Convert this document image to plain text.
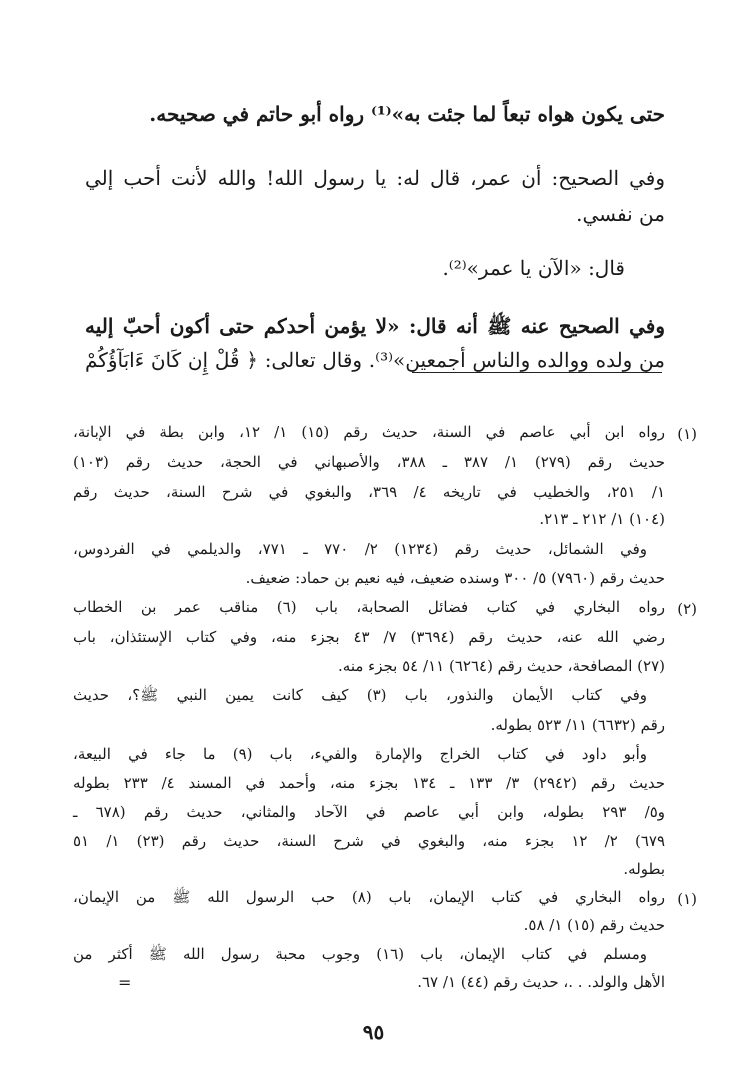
حتى يكون هواه تبعاً لما جئت به»⁽¹⁾ رواه أبو حاتم في صحيحه.
وفي الصحيح: أن عمر، قال له: يا رسول الله! والله لأنت أحب إلي
من نفسي.
قال: «الآن يا عمر»⁽²⁾.
وفي الصحيح عنه ﷺ أنه قال: «لا يؤمن أحدكم حتى أكون أحبّ إليه
من ولده ووالده والناس أجمعين»⁽³⁾. وقال تعالى: ﴿ قُلْ إِن كَانَ ءَابَآؤُكُمْ
(١)
رواه ابن أبي عاصم في السنة، حديث رقم (١٥) ١/ ١٢، وابن بطة في الإبانة،
حديث رقم (٢٧٩) ١/ ٣٨٧ ـ ٣٨٨، والأصبهاني في الحجة، حديث رقم (١٠٣)
١/ ٢٥١، والخطيب في تاريخه ٤/ ٣٦٩، والبغوي في شرح السنة، حديث رقم
(١٠٤) ١/ ٢١٢ ـ ٢١٣.
وفي الشمائل، حديث رقم (١٢٣٤) ٢/ ٧٧٠ ـ ٧٧١، والديلمي في الفردوس،
حديث رقم (٧٩٦٠) ٥/ ٣٠٠ وسنده ضعيف، فيه نعيم بن حماد: ضعيف.
(٢)
رواه البخاري في كتاب فضائل الصحابة، باب (٦) مناقب عمر بن الخطاب
رضي الله عنه، حديث رقم (٣٦٩٤) ٧/ ٤٣ بجزء منه، وفي كتاب الإستئذان، باب
(٢٧) المصافحة، حديث رقم (٦٢٦٤) ١١/ ٥٤ بجزء منه.
وفي كتاب الأيمان والنذور، باب (٣) كيف كانت يمين النبي ﷺ؟، حديث
رقم (٦٦٣٢) ١١/ ٥٢٣ بطوله.
وأبو داود في كتاب الخراج والإمارة والفيء، باب (٩) ما جاء في البيعة،
حديث رقم (٢٩٤٢) ٣/ ١٣٣ ـ ١٣٤ بجزء منه، وأحمد في المسند ٤/ ٢٣٣ بطوله
و٥/ ٢٩٣ بطوله، وابن أبي عاصم في الآحاد والمثاني، حديث رقم (٦٧٨ ـ
٦٧٩) ٢/ ١٢ بجزء منه، والبغوي في شرح السنة، حديث رقم (٢٣) ١/ ٥١
بطوله.
(١)
رواه البخاري في كتاب الإيمان، باب (٨) حب الرسول الله ﷺ من الإيمان،
حديث رقم (١٥) ١/ ٥٨.
ومسلم في كتاب الإيمان، باب (١٦) وجوب محبة رسول الله ﷺ أكثر من
الأهل والولد. . .، حديث رقم (٤٤) ١/ ٦٧.
=
٩٥
